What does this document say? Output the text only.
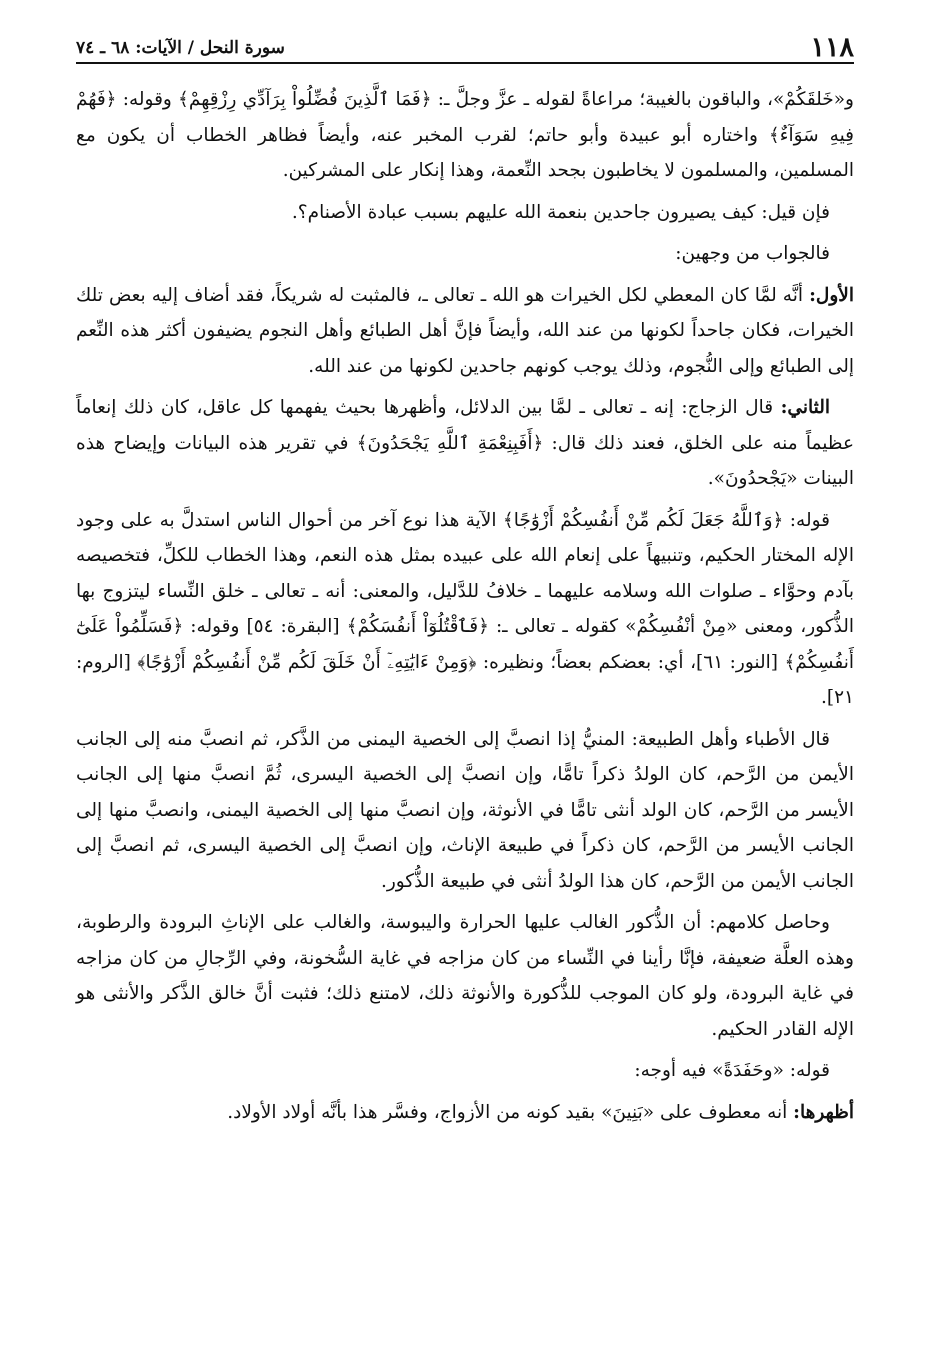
١١٨
سورة النحل / الآيات: ٦٨ ـ ٧٤

و«خَلقَكُمْ»، والباقون بالغيبة؛ مراعاةً لقوله ـ عزَّ وجلَّ ـ: ﴿فَمَا ٱلَّذِينَ فُضِّلُواْ بِرَآدِّي رِزْقِهِمْ﴾ وقوله: ﴿فَهُمْ فِيهِ سَوَآءٌ﴾ واختاره أبو عبيدة وأبو حاتم؛ لقرب المخبر عنه، وأيضاً فظاهر الخطاب أن يكون مع المسلمين، والمسلمون لا يخاطبون بجحد النِّعمة، وهذا إنكار على المشركين.

فإن قيل: كيف يصيرون جاحدين بنعمة الله عليهم بسبب عبادة الأصنام؟.

فالجواب من وجهين:

الأول: أنَّه لمَّا كان المعطي لكل الخيرات هو الله ـ تعالى ـ، فالمثبت له شريكاً، فقد أضاف إليه بعض تلك الخيرات، فكان جاحداً لكونها من عند الله، وأيضاً فإنَّ أهل الطبائع وأهل النجوم يضيفون أكثر هذه النِّعم إلى الطبائع وإلى النُّجوم، وذلك يوجب كونهم جاحدين لكونها من عند الله.

الثاني: قال الزجاج: إنه ـ تعالى ـ لمَّا بين الدلائل، وأظهرها بحيث يفهمها كل عاقل، كان ذلك إنعاماً عظيماً منه على الخلق، فعند ذلك قال: ﴿أَفَبِنِعْمَةِ ٱللَّهِ يَجْحَدُونَ﴾ في تقرير هذه البيانات وإيضاح هذه البينات «يَجْحدُونَ».

قوله: ﴿وَٱللَّهُ جَعَلَ لَكُم مِّنْ أَنفُسِكُمْ أَزْوَٰجًا﴾ الآية هذا نوع آخر من أحوال الناس استدلَّ به على وجود الإله المختار الحكيم، وتنبيهاً على إنعام الله على عبيده بمثل هذه النعم، وهذا الخطاب للكلِّ، فتخصيصه بآدم وحوَّاء ـ صلوات الله وسلامه عليهما ـ خلافُ للدَّليل، والمعنى: أنه ـ تعالى ـ خلق النِّساء ليتزوج بها الذُّكور، ومعنى «مِنْ أنْفُسِكُمْ» كقوله ـ تعالى ـ: ﴿فَٱقْتُلُوٓاْ أَنفُسَكُمْ﴾ [البقرة: ٥٤] وقوله: ﴿فَسَلِّمُواْ عَلَىٰٓ أَنفُسِكُمْ﴾ [النور: ٦١]، أي: بعضكم بعضاً؛ ونظيره: ﴿وَمِنْ ءَايَٰتِهِۦٓ أَنْ خَلَقَ لَكُم مِّنْ أَنفُسِكُمْ أَزْوَٰجًا﴾ [الروم: ٢١].

قال الأطباء وأهل الطبيعة: المنيُّ إذا انصبَّ إلى الخصية اليمنى من الذَّكر، ثم انصبَّ منه إلى الجانب الأيمن من الرَّحم، كان الولدُ ذكراً تامًّا، وإن انصبَّ إلى الخصية اليسرى، ثُمَّ انصبَّ منها إلى الجانب الأيسر من الرَّحم، كان الولد أنثى تامًّا في الأنوثة، وإن انصبَّ منها إلى الخصية اليمنى، وانصبَّ منها إلى الجانب الأيسر من الرَّحم، كان ذكراً في طبيعة الإناث، وإن انصبَّ إلى الخصية اليسرى، ثم انصبَّ إلى الجانب الأيمن من الرَّحم، كان هذا الولدُ أنثى في طبيعة الذُّكور.

وحاصل كلامهم: أن الذُّكور الغالب عليها الحرارة واليبوسة، والغالب على الإناثِ البرودة والرطوبة، وهذه العلَّة ضعيفة، فإنَّا رأينا في النِّساء من كان مزاجه في غاية السُّخونة، وفي الرِّجالِ من كان مزاجه في غاية البرودة، ولو كان الموجب للذُّكورة والأنوثة ذلك، لامتنع ذلك؛ فثبت أنَّ خالق الذَّكر والأنثى هو الإله القادر الحكيم.

قوله: «وحَفَدَةً» فيه أوجه:

أظهرها: أنه معطوف على «بَنِينَ» بقيد كونه من الأزواج، وفسَّر هذا بأنَّه أولاد الأولاد.
